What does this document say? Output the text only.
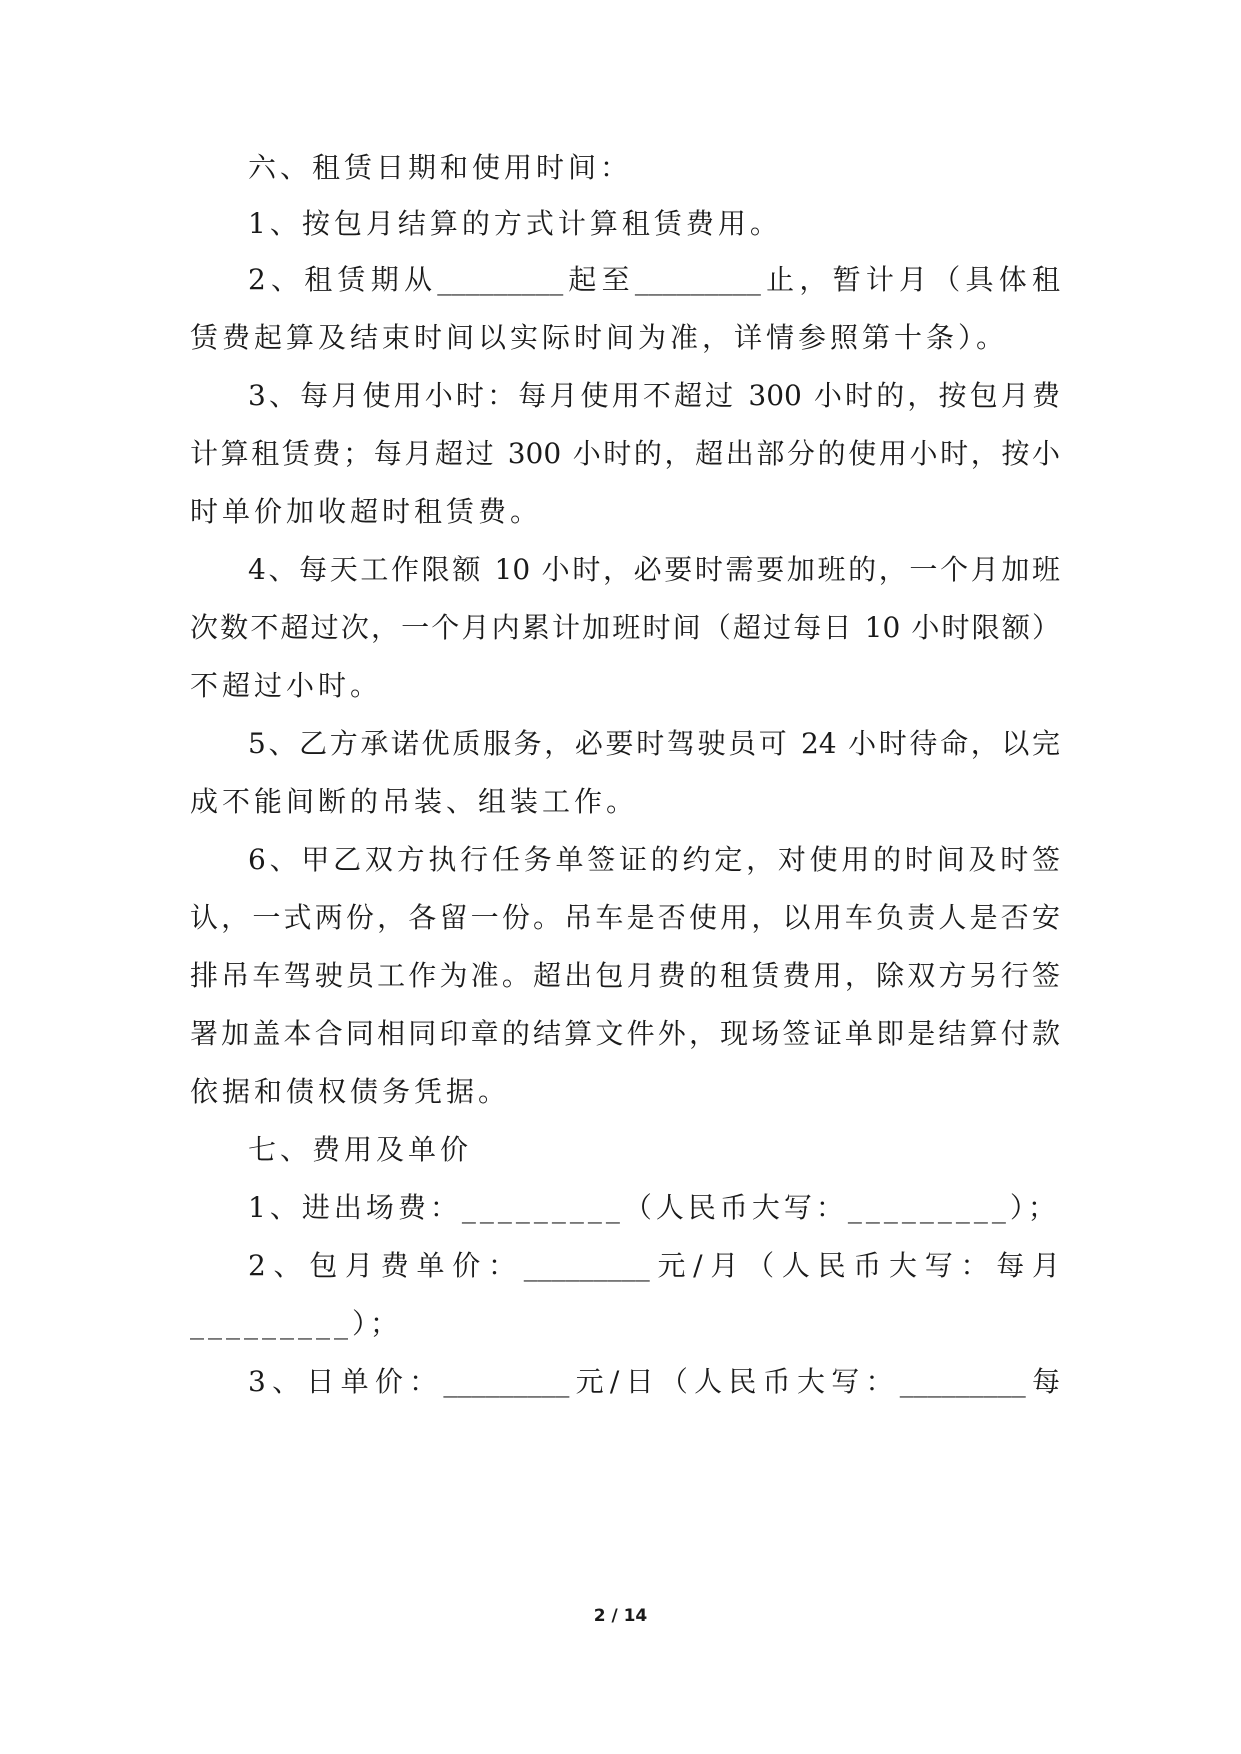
六、租赁日期和使用时间：
1、按包月结算的方式计算租赁费用。
2、租赁期从_________起至_________止，暂计月（具体租
赁费起算及结束时间以实际时间为准，详情参照第十条）。
3、每月使用小时：每月使用不超过 300 小时的，按包月费
计算租赁费；每月超过 300 小时的，超出部分的使用小时，按小
时单价加收超时租赁费。
4、每天工作限额 10 小时，必要时需要加班的，一个月加班
次数不超过次，一个月内累计加班时间（超过每日 10 小时限额）
不超过小时。
5、乙方承诺优质服务，必要时驾驶员可 24 小时待命，以完
成不能间断的吊装、组装工作。
6、甲乙双方执行任务单签证的约定，对使用的时间及时签
认，一式两份，各留一份。吊车是否使用，以用车负责人是否安
排吊车驾驶员工作为准。超出包月费的租赁费用，除双方另行签
署加盖本合同相同印章的结算文件外，现场签证单即是结算付款
依据和债权债务凭据。
七、费用及单价
1、进出场费：_________（人民币大写：_________）；
2、包月费单价：_________元/月（人民币大写：每月
_________）；
3、日单价：_________元/日（人民币大写：_________每
2 / 14
